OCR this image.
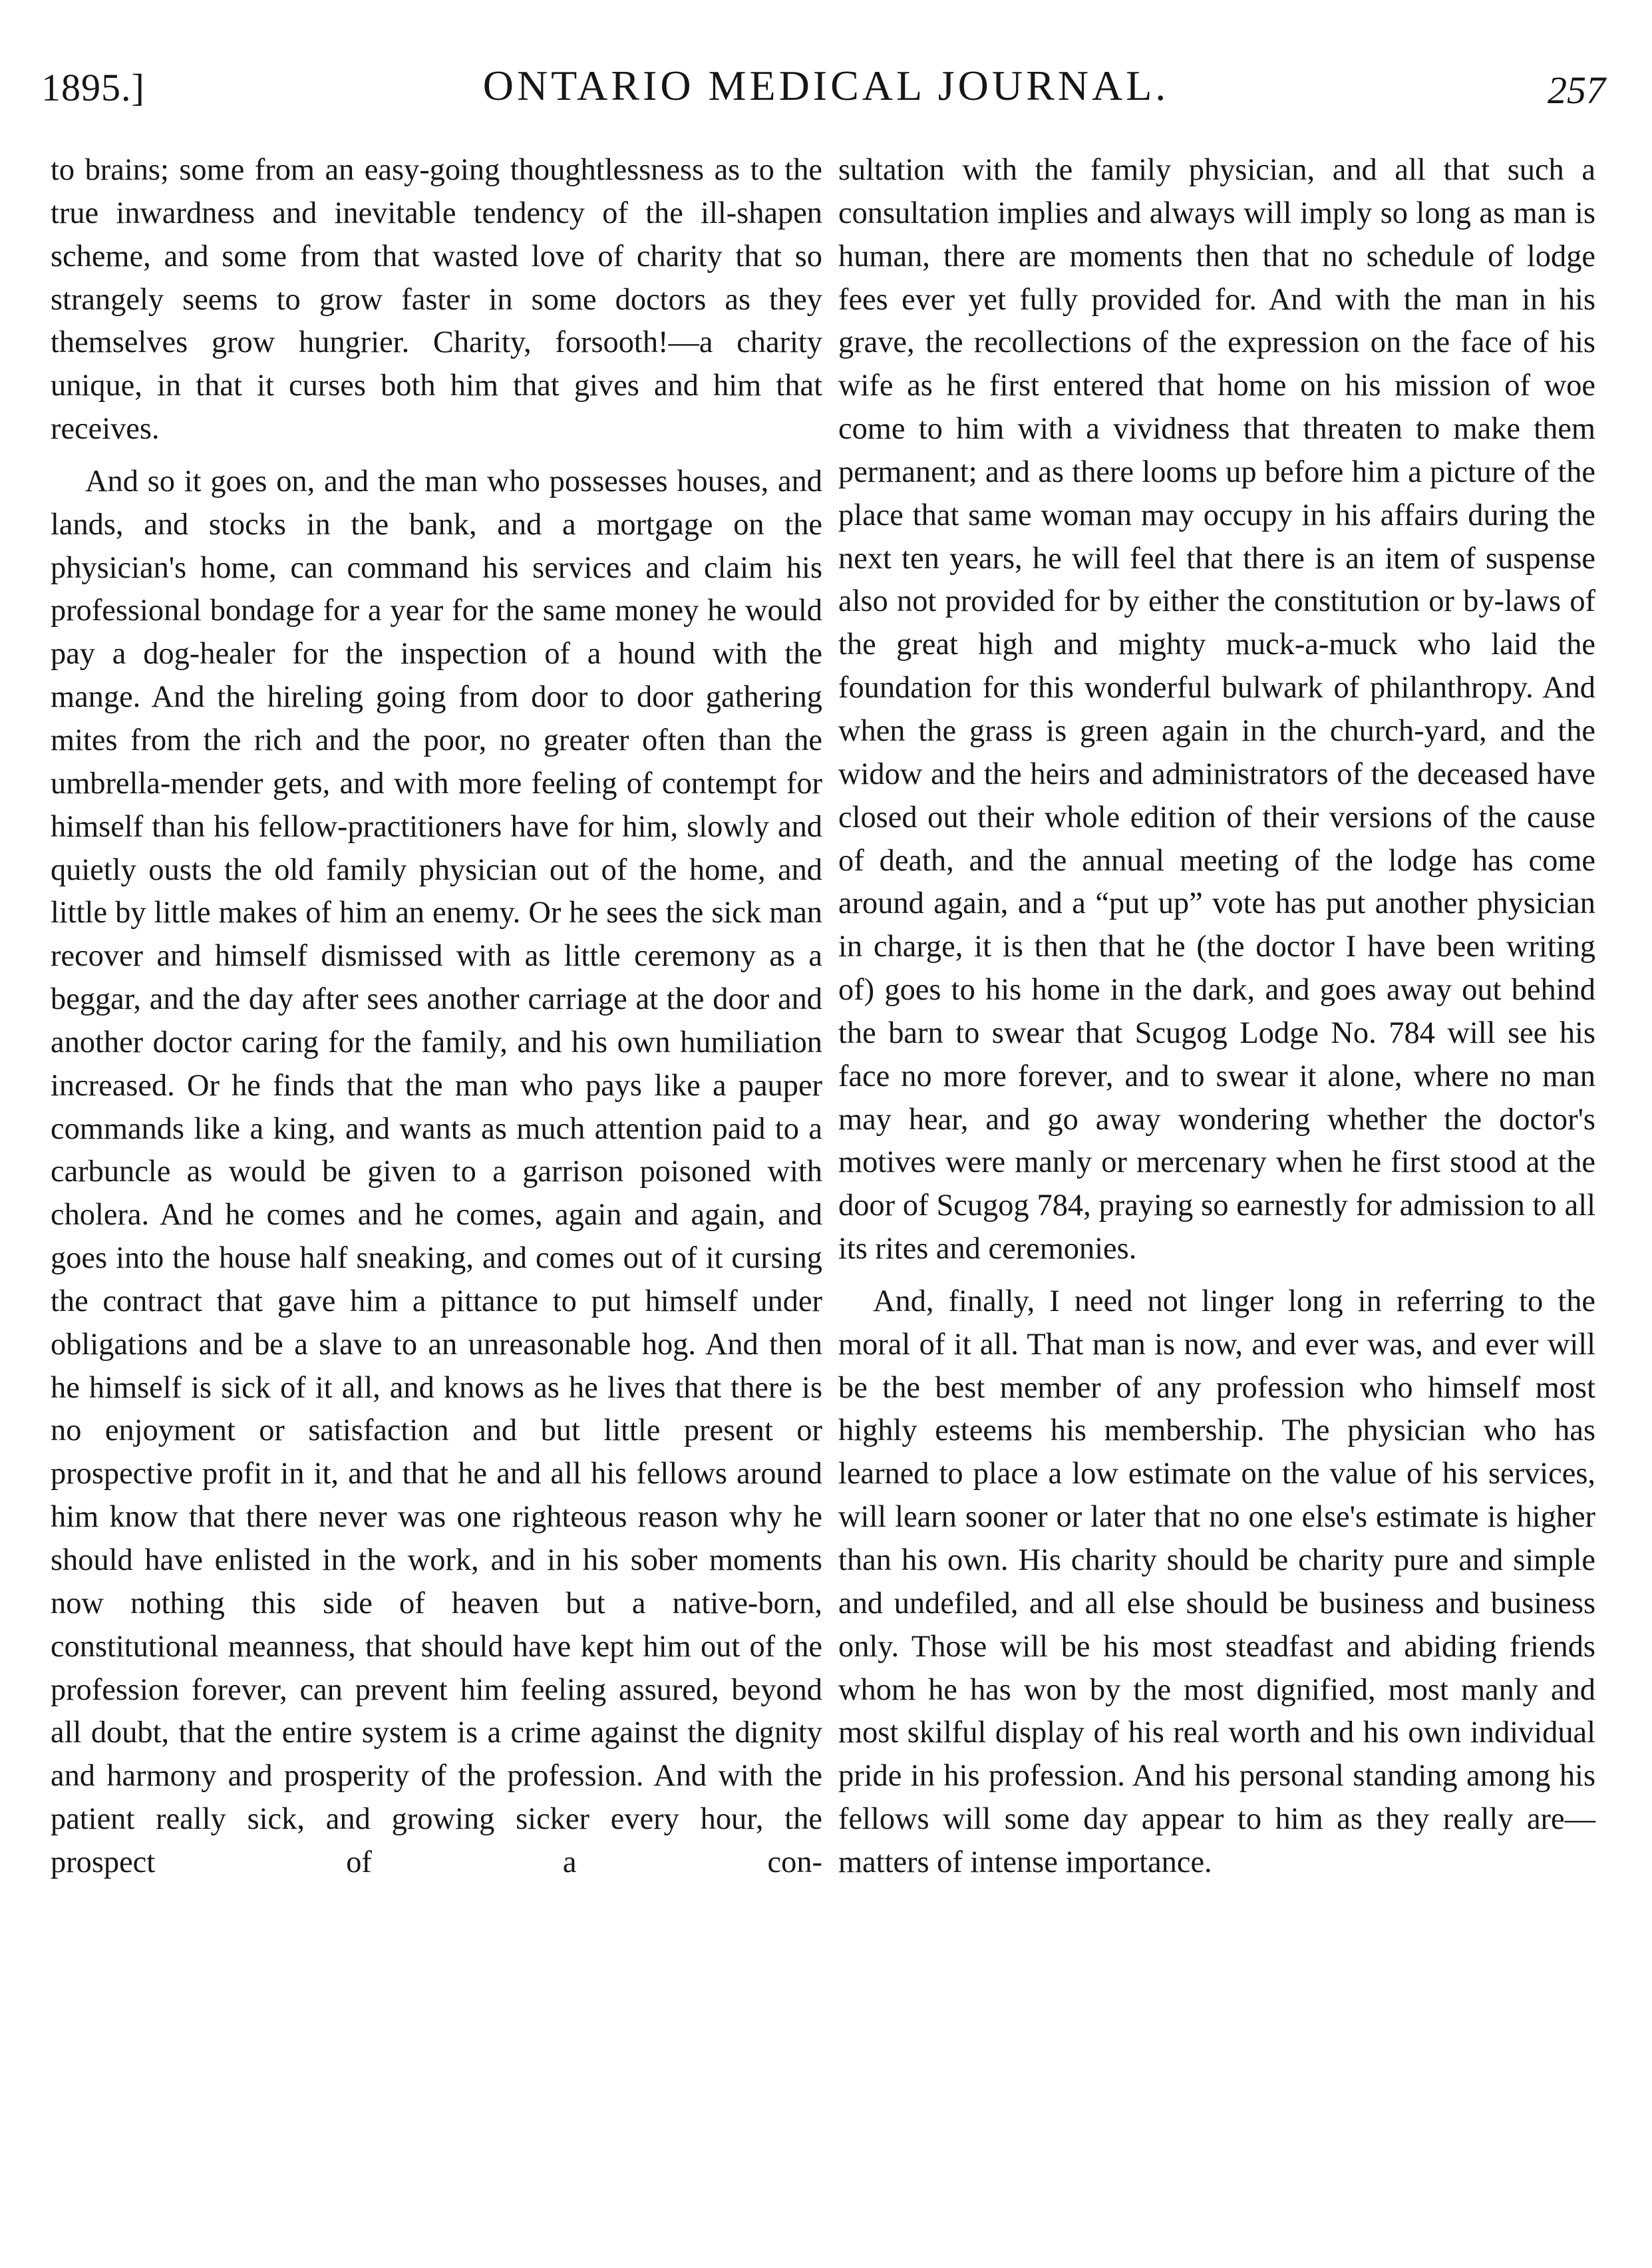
1895.]	ONTARIO MEDICAL JOURNAL.	257

to brains; some from an easy-going thoughtlessness as to the true inwardness and inevitable tendency of the ill-shapen scheme, and some from that wasted love of charity that so strangely seems to grow faster in some doctors as they themselves grow hungrier. Charity, forsooth!—a charity unique, in that it curses both him that gives and him that receives.

And so it goes on, and the man who possesses houses, and lands, and stocks in the bank, and a mortgage on the physician's home, can command his services and claim his professional bondage for a year for the same money he would pay a dog-healer for the inspection of a hound with the mange. And the hireling going from door to door gathering mites from the rich and the poor, no greater often than the umbrella-mender gets, and with more feeling of contempt for himself than his fellow-practitioners have for him, slowly and quietly ousts the old family physician out of the home, and little by little makes of him an enemy. Or he sees the sick man recover and himself dismissed with as little ceremony as a beggar, and the day after sees another carriage at the door and another doctor caring for the family, and his own humiliation increased. Or he finds that the man who pays like a pauper commands like a king, and wants as much attention paid to a carbuncle as would be given to a garrison poisoned with cholera. And he comes and he comes, again and again, and goes into the house half sneaking, and comes out of it cursing the contract that gave him a pittance to put himself under obligations and be a slave to an unreasonable hog. And then he himself is sick of it all, and knows as he lives that there is no enjoyment or satisfaction and but little present or prospective profit in it, and that he and all his fellows around him know that there never was one righteous reason why he should have enlisted in the work, and in his sober moments now nothing this side of heaven but a native-born, constitutional meanness, that should have kept him out of the profession forever, can prevent him feeling assured, beyond all doubt, that the entire system is a crime against the dignity and harmony and prosperity of the profession. And with the patient really sick, and growing sicker every hour, the prospect of a con-

sultation with the family physician, and all that such a consultation implies and always will imply so long as man is human, there are moments then that no schedule of lodge fees ever yet fully provided for. And with the man in his grave, the recollections of the expression on the face of his wife as he first entered that home on his mission of woe come to him with a vividness that threaten to make them permanent; and as there looms up before him a picture of the place that same woman may occupy in his affairs during the next ten years, he will feel that there is an item of suspense also not provided for by either the constitution or by-laws of the great high and mighty muck-a-muck who laid the foundation for this wonderful bulwark of philanthropy. And when the grass is green again in the church-yard, and the widow and the heirs and administrators of the deceased have closed out their whole edition of their versions of the cause of death, and the annual meeting of the lodge has come around again, and a “put up” vote has put another physician in charge, it is then that he (the doctor I have been writing of) goes to his home in the dark, and goes away out behind the barn to swear that Scugog Lodge No. 784 will see his face no more forever, and to swear it alone, where no man may hear, and go away wondering whether the doctor's motives were manly or mercenary when he first stood at the door of Scugog 784, praying so earnestly for admission to all its rites and ceremonies.

And, finally, I need not linger long in referring to the moral of it all. That man is now, and ever was, and ever will be the best member of any profession who himself most highly esteems his membership. The physician who has learned to place a low estimate on the value of his services, will learn sooner or later that no one else's estimate is higher than his own. His charity should be charity pure and simple and undefiled, and all else should be business and business only. Those will be his most steadfast and abiding friends whom he has won by the most dignified, most manly and most skilful display of his real worth and his own individual pride in his profession. And his personal standing among his fellows will some day appear to him as they really are—matters of intense importance.
